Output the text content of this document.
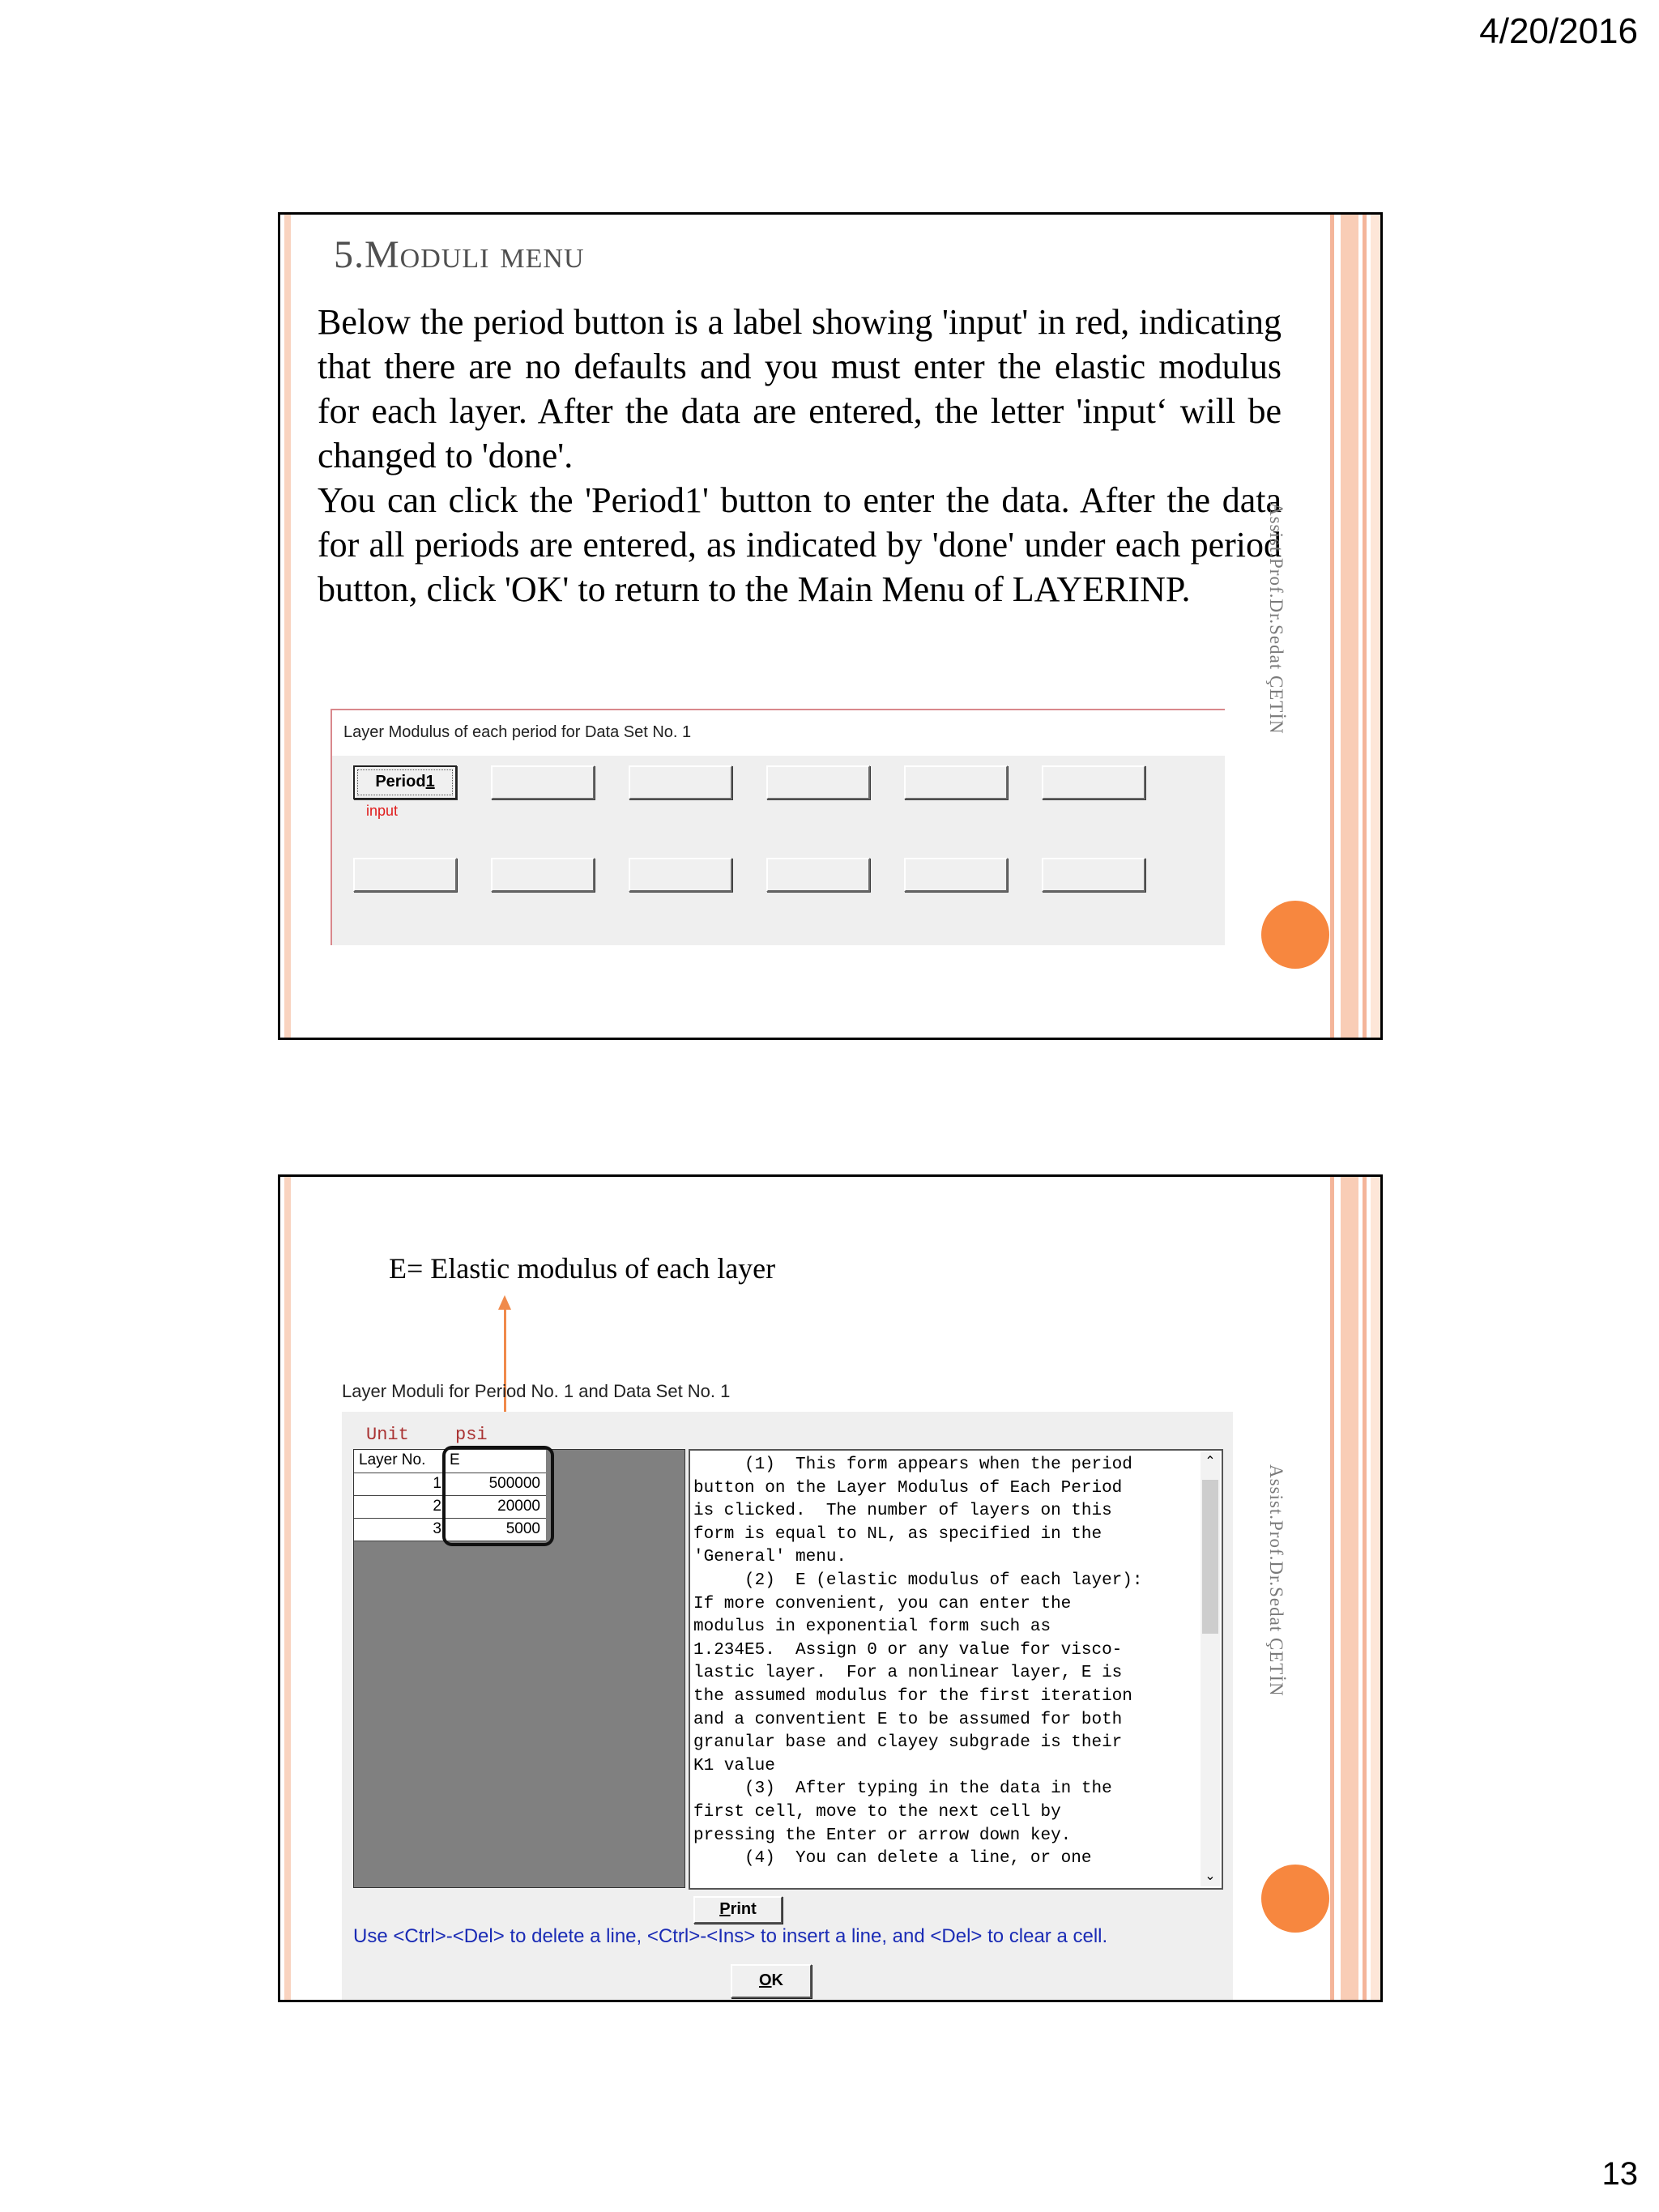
4/20/2016
5.Moduli menu

Below the period button is a label showing 'input' in red, indicating that there are no defaults and you must enter the elastic modulus for each layer. After the data are entered, the letter 'input‘ will be changed to 'done'.

You can click the 'Period1' button to enter the data. After the data for all periods are entered, as indicated by 'done' under each period button, click 'OK' to return to the Main Menu of LAYERINP.

Layer Modulus of each period for Data Set No. 1
Period1
input
Assist.Prof.Dr.Sedat ÇETİN
E= Elastic modulus of each layer
Layer Moduli for Period No. 1 and Data Set No. 1
Unit	psi
Layer No. E
1	500000
2	20000
3	5000
(1)  This form appears when the period
button on the Layer Modulus of Each Period
is clicked.  The number of layers on this
form is equal to NL, as specified in the
'General' menu.
(2)  E (elastic modulus of each layer):
If more convenient, you can enter the
modulus in exponential form such as
1.234E5.  Assign 0 or any value for visco-
lastic layer.  For a nonlinear layer, E is
the assumed modulus for the first iteration
and a conventient E to be assumed for both
granular base and clayey subgrade is their
K1 value
(3)  After typing in the data in the
first cell, move to the next cell by
pressing the Enter or arrow down key.
(4)  You can delete a line, or one
⌃
⌄
Print
Use <Ctrl>-<Del> to delete a line, <Ctrl>-<Ins> to insert a line, and <Del> to clear a cell.
OK
Assist.Prof.Dr.Sedat ÇETİN
13
